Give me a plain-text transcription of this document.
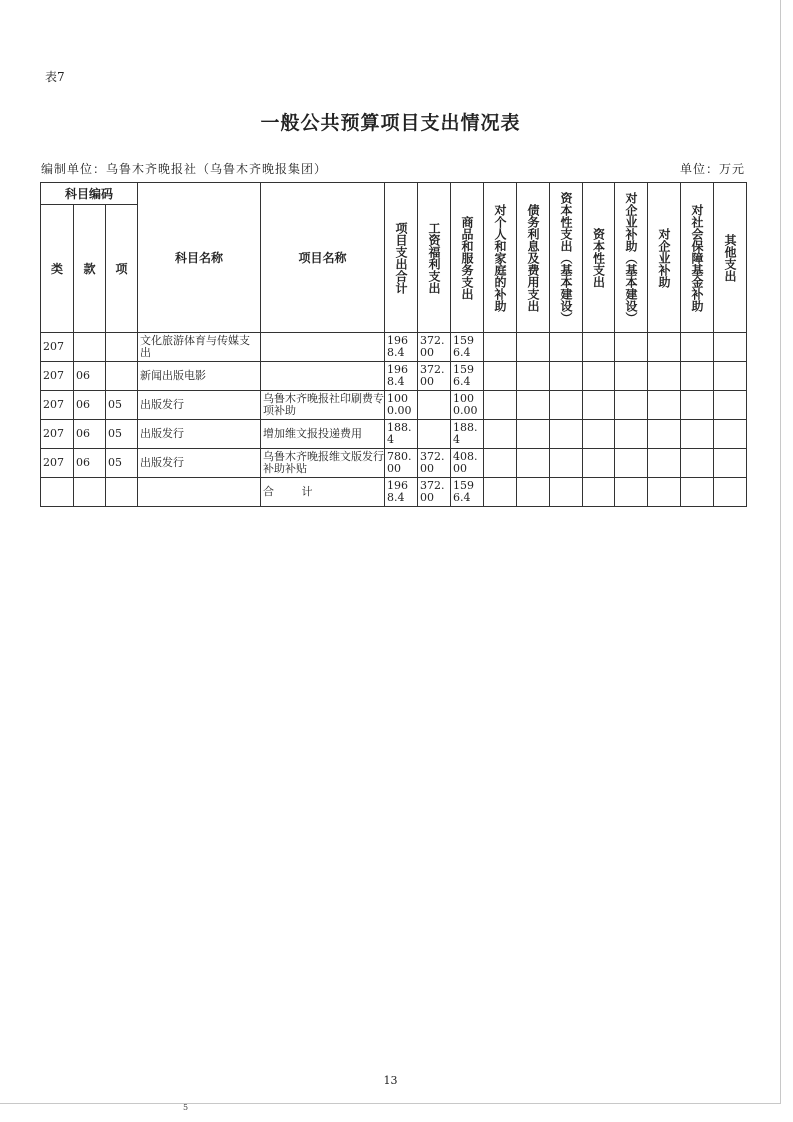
表7
一般公共预算项目支出情况表
编制单位：乌鲁木齐晚报社（乌鲁木齐晚报集团）	单位：万元
科目编码			科目名称	项目名称	项目支出合计	工资福利支出	商品和服务支出	对个人和家庭的补助	债务利息及费用支出	资本性支出（基本建设）	资本性支出	对企业补助（基本建设）	对企业补助	对社会保障基金补助	其他支出

类	款	项													
207			文化旅游体育与传媒支出		1968.4	372.00	1596.4								
207	06		新闻出版电影		1968.4	372.00	1596.4								
207	06	05	出版发行	乌鲁木齐晚报社印刷费专项补助	1000.00		1000.00								
207	06	05	出版发行	增加维文报投递费用	188.4		188.4								
207	06	05	出版发行	乌鲁木齐晚报维文版发行补助补贴	780.00	372.00	408.00								
				合 计	1968.4	372.00	1596.4								
13
5
